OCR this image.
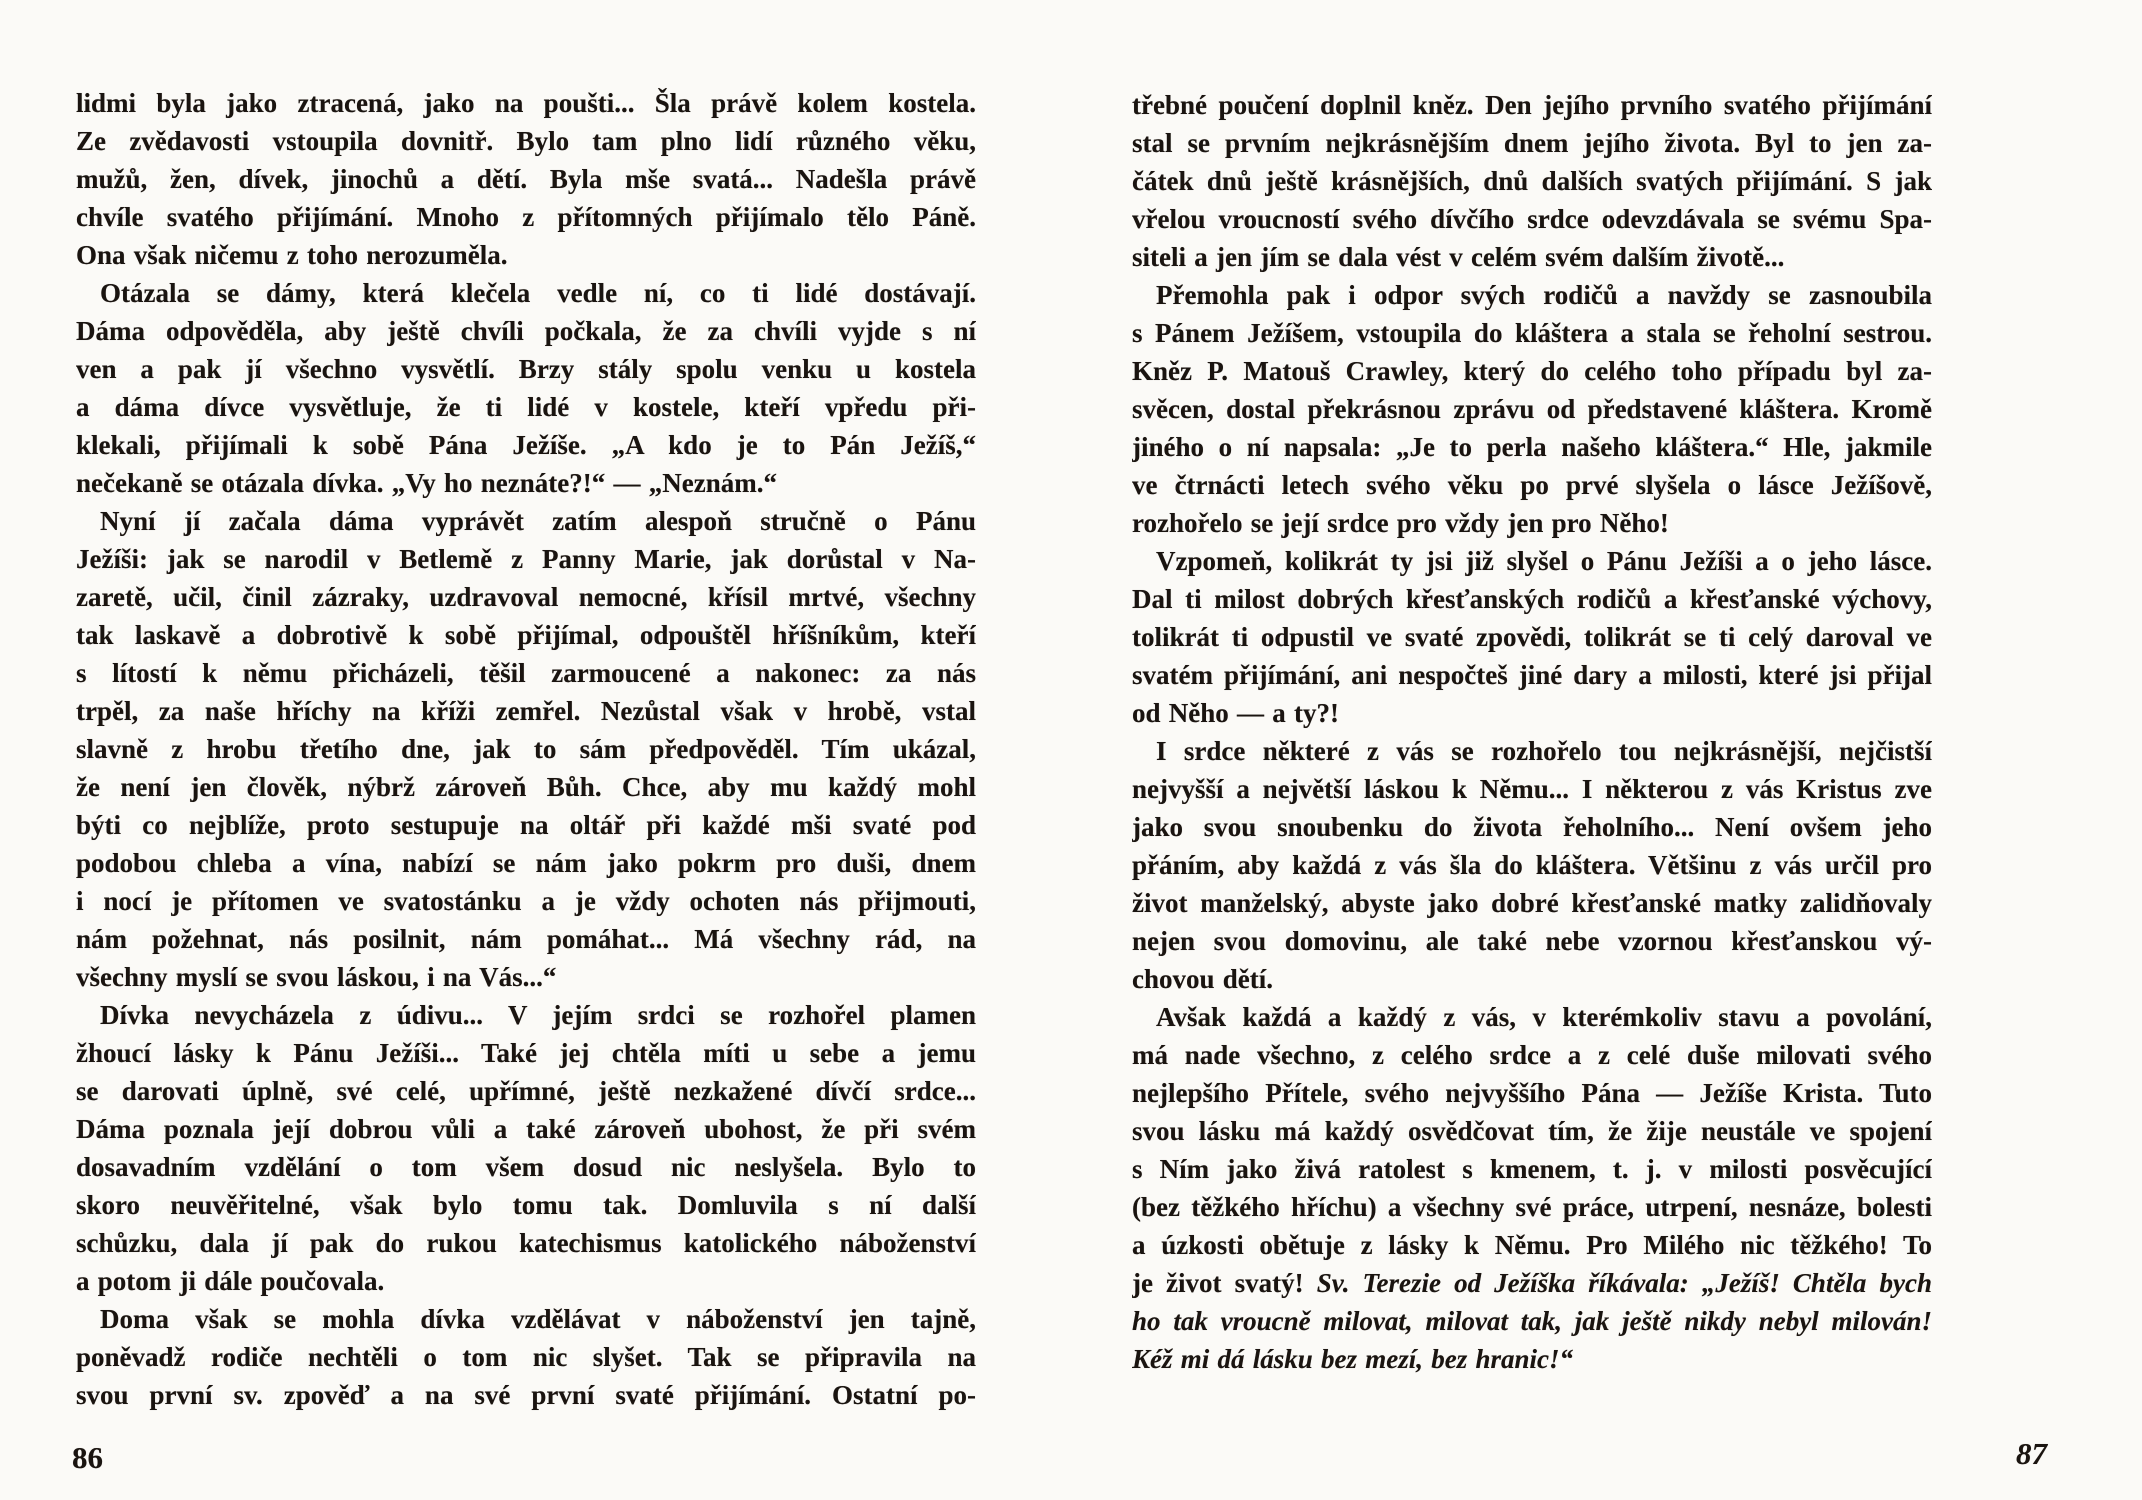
lidmi byla jako ztracená, jako na poušti... Šla právě kolem kostela.
Ze zvědavosti vstoupila dovnitř. Bylo tam plno lidí různého věku,
mužů, žen, dívek, jinochů a dětí. Byla mše svatá... Nadešla právě
chvíle svatého přijímání. Mnoho z přítomných přijímalo tělo Páně.
Ona však ničemu z toho nerozuměla.
Otázala se dámy, která klečela vedle ní, co ti lidé dostávají.
Dáma odpověděla, aby ještě chvíli počkala, že za chvíli vyjde s ní
ven a pak jí všechno vysvětlí. Brzy stály spolu venku u kostela
a dáma dívce vysvětluje, že ti lidé v kostele, kteří vpředu při-
klekali, přijímali k sobě Pána Ježíše. „A kdo je to Pán Ježíš,“
nečekaně se otázala dívka. „Vy ho neznáte?!“ — „Neznám.“
Nyní jí začala dáma vyprávět zatím alespoň stručně o Pánu
Ježíši: jak se narodil v Betlemě z Panny Marie, jak dorůstal v Na-
zaretě, učil, činil zázraky, uzdravoval nemocné, křísil mrtvé, všechny
tak laskavě a dobrotivě k sobě přijímal, odpouštěl hříšníkům, kteří
s lítostí k němu přicházeli, těšil zarmoucené a nakonec: za nás
trpěl, za naše hříchy na kříži zemřel. Nezůstal však v hrobě, vstal
slavně z hrobu třetího dne, jak to sám předpověděl. Tím ukázal,
že není jen člověk, nýbrž zároveň Bůh. Chce, aby mu každý mohl
býti co nejblíže, proto sestupuje na oltář při každé mši svaté pod
podobou chleba a vína, nabízí se nám jako pokrm pro duši, dnem
i nocí je přítomen ve svatostánku a je vždy ochoten nás přijmouti,
nám požehnat, nás posilnit, nám pomáhat... Má všechny rád, na
všechny myslí se svou láskou, i na Vás...“
Dívka nevycházela z údivu... V jejím srdci se rozhořel plamen
žhoucí lásky k Pánu Ježíši... Také jej chtěla míti u sebe a jemu
se darovati úplně, své celé, upřímné, ještě nezkažené dívčí srdce...
Dáma poznala její dobrou vůli a také zároveň ubohost, že při svém
dosavadním vzdělání o tom všem dosud nic neslyšela. Bylo to
skoro neuvěřitelné, však bylo tomu tak. Domluvila s ní další
schůzku, dala jí pak do rukou katechismus katolického náboženství
a potom ji dále poučovala.
Doma však se mohla dívka vzdělávat v náboženství jen tajně,
poněvadž rodiče nechtěli o tom nic slyšet. Tak se připravila na
svou první sv. zpověď a na své první svaté přijímání. Ostatní po-
86
třebné poučení doplnil kněz. Den jejího prvního svatého přijímání
stal se prvním nejkrásnějším dnem jejího života. Byl to jen za-
čátek dnů ještě krásnějších, dnů dalších svatých přijímání. S jak
vřelou vroucností svého dívčího srdce odevzdávala se svému Spa-
siteli a jen jím se dala vést v celém svém dalším životě...
Přemohla pak i odpor svých rodičů a navždy se zasnoubila
s Pánem Ježíšem, vstoupila do kláštera a stala se řeholní sestrou.
Kněz P. Matouš Crawley, který do celého toho případu byl za-
svěcen, dostal překrásnou zprávu od představené kláštera. Kromě
jiného o ní napsala: „Je to perla našeho kláštera.“ Hle, jakmile
ve čtrnácti letech svého věku po prvé slyšela o lásce Ježíšově,
rozhořelo se její srdce pro vždy jen pro Něho!
Vzpomeň, kolikrát ty jsi již slyšel o Pánu Ježíši a o jeho lásce.
Dal ti milost dobrých křesťanských rodičů a křesťanské výchovy,
tolikrát ti odpustil ve svaté zpovědi, tolikrát se ti celý daroval ve
svatém přijímání, ani nespočteš jiné dary a milosti, které jsi přijal
od Něho — a ty?!
I srdce některé z vás se rozhořelo tou nejkrásnější, nejčistší
nejvyšší a největší láskou k Němu... I některou z vás Kristus zve
jako svou snoubenku do života řeholního... Není ovšem jeho
přáním, aby každá z vás šla do kláštera. Většinu z vás určil pro
život manželský, abyste jako dobré křesťanské matky zalidňovaly
nejen svou domovinu, ale také nebe vzornou křesťanskou vý-
chovou dětí.
Avšak každá a každý z vás, v kterémkoliv stavu a povolání,
má nade všechno, z celého srdce a z celé duše milovati svého
nejlepšího Přítele, svého nejvyššího Pána — Ježíše Krista. Tuto
svou lásku má každý osvědčovat tím, že žije neustále ve spojení
s Ním jako živá ratolest s kmenem, t. j. v milosti posvěcující
(bez těžkého hříchu) a všechny své práce, utrpení, nesnáze, bolesti
a úzkosti obětuje z lásky k Němu. Pro Milého nic těžkého! To
je život svatý! Sv. Terezie od Ježíška říkávala: „Ježíš! Chtěla bych
ho tak vroucně milovat, milovat tak, jak ještě nikdy nebyl milován!
Kéž mi dá lásku bez mezí, bez hranic!“
87
